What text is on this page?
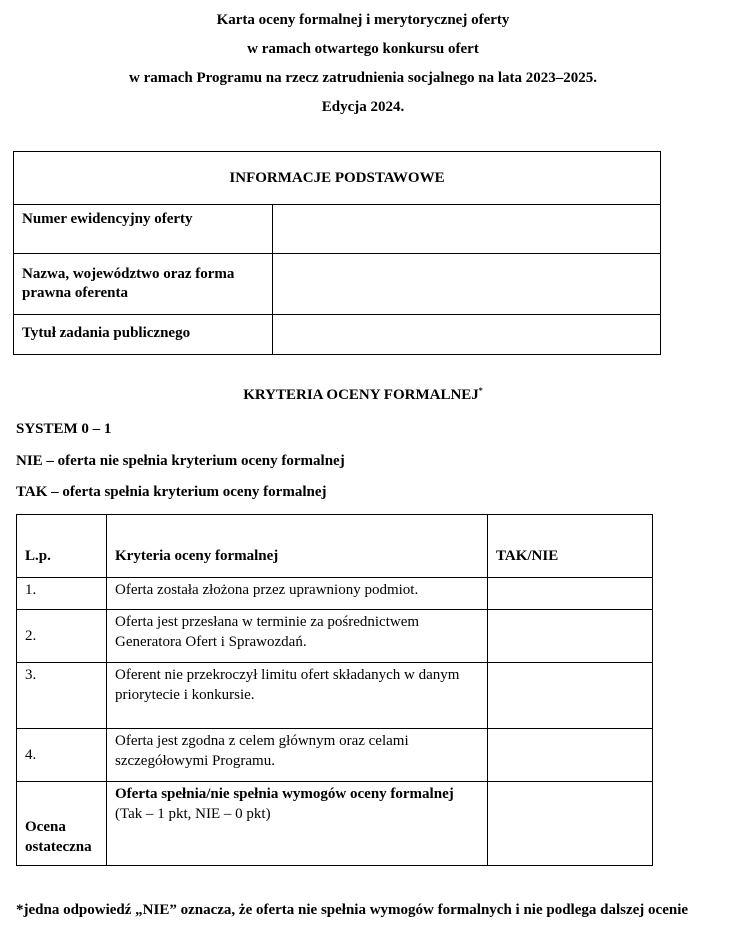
Karta oceny formalnej i merytorycznej oferty
w ramach otwartego konkursu ofert
w ramach Programu na rzecz zatrudnienia socjalnego na lata 2023–2025.
Edycja 2024.
INFORMACJE PODSTAWOWE	
Numer ewidencyjny oferty	
Nazwa, województwo oraz forma prawna oferenta	
Tytuł zadania publicznego	
KRYTERIA OCENY FORMALNEJ*
SYSTEM 0 – 1
NIE – oferta nie spełnia kryterium oceny formalnej
TAK – oferta spełnia kryterium oceny formalnej
L.p.	Kryteria oceny formalnej	TAK/NIE
1.	Oferta została złożona przez uprawniony podmiot.	
2.	Oferta jest przesłana w terminie za pośrednictwem Generatora Ofert i Sprawozdań.	
3.	Oferent nie przekroczył limitu ofert składanych w danym priorytecie i konkursie.	
4.	Oferta jest zgodna z celem głównym oraz celami szczegółowymi Programu.	
Ocena ostateczna	Oferta spełnia/nie spełnia wymogów oceny formalnej
(Tak – 1 pkt, NIE – 0 pkt)	

*jedna odpowiedź „NIE” oznacza, że oferta nie spełnia wymogów formalnych i nie podlega dalszej ocenie
